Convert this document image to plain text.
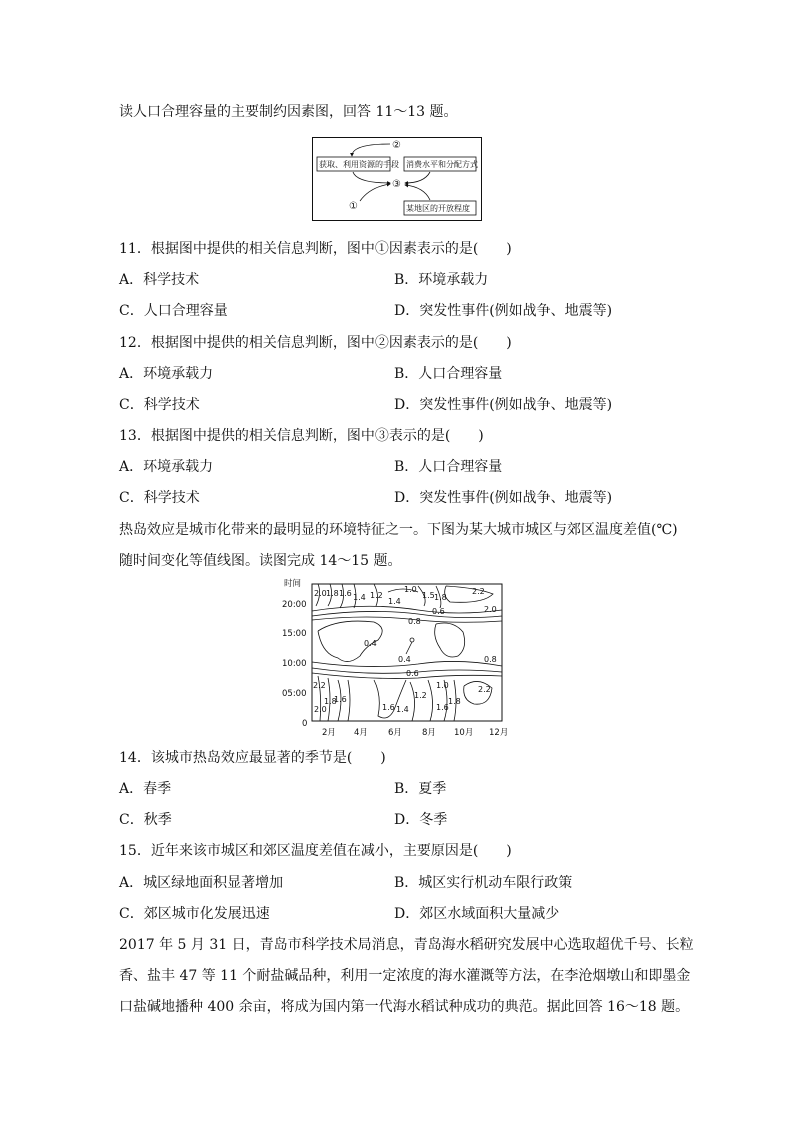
读人口合理容量的主要制约因素图，回答 11～13 题。
获取、利用资源的手段 消费水平和分配方式
某地区的开放程度
②
③
①
11．根据图中提供的相关信息判断，图中①因素表示的是(　　)
A．科学技术	B．环境承载力
C．人口合理容量	D．突发性事件(例如战争、地震等)
12．根据图中提供的相关信息判断，图中②因素表示的是(　　)
A．环境承载力	B．人口合理容量
C．科学技术	D．突发性事件(例如战争、地震等)
13．根据图中提供的相关信息判断，图中③表示的是(　　)
A．环境承载力	B．人口合理容量
C．科学技术	D．突发性事件(例如战争、地震等)
热岛效应是城市化带来的最明显的环境特征之一。下图为某大城市城区与郊区温度差值(℃)
随时间变化等值线图。读图完成 14～15 题。
时间
20:00
15:00
10:00
05:00
0
2月 4月 6月 8月 10月 12月
2.0 1.8 1.6 1.4 1.2
1.4
1.0
1.5 1.8
2.2
2.0
0.8
0.6
0.4
0.4	0.8
0.6
1.0
1.2
2.2	2.2
1.8
1.6
1.6 1.4	1.6
1.8
2.0
14．该城市热岛效应最显著的季节是(　　)
A．春季	B．夏季
C．秋季	D．冬季
15．近年来该市城区和郊区温度差值在减小，主要原因是(　　)
A．城区绿地面积显著增加	B．城区实行机动车限行政策
C．郊区城市化发展迅速	D．郊区水域面积大量减少
2017 年 5 月 31 日，青岛市科学技术局消息，青岛海水稻研究发展中心选取超优千号、长粒
香、盐丰 47 等 11 个耐盐碱品种，利用一定浓度的海水灌溉等方法，在李沧烟墩山和即墨金
口盐碱地播种 400 余亩，将成为国内第一代海水稻试种成功的典范。据此回答 16～18 题。
